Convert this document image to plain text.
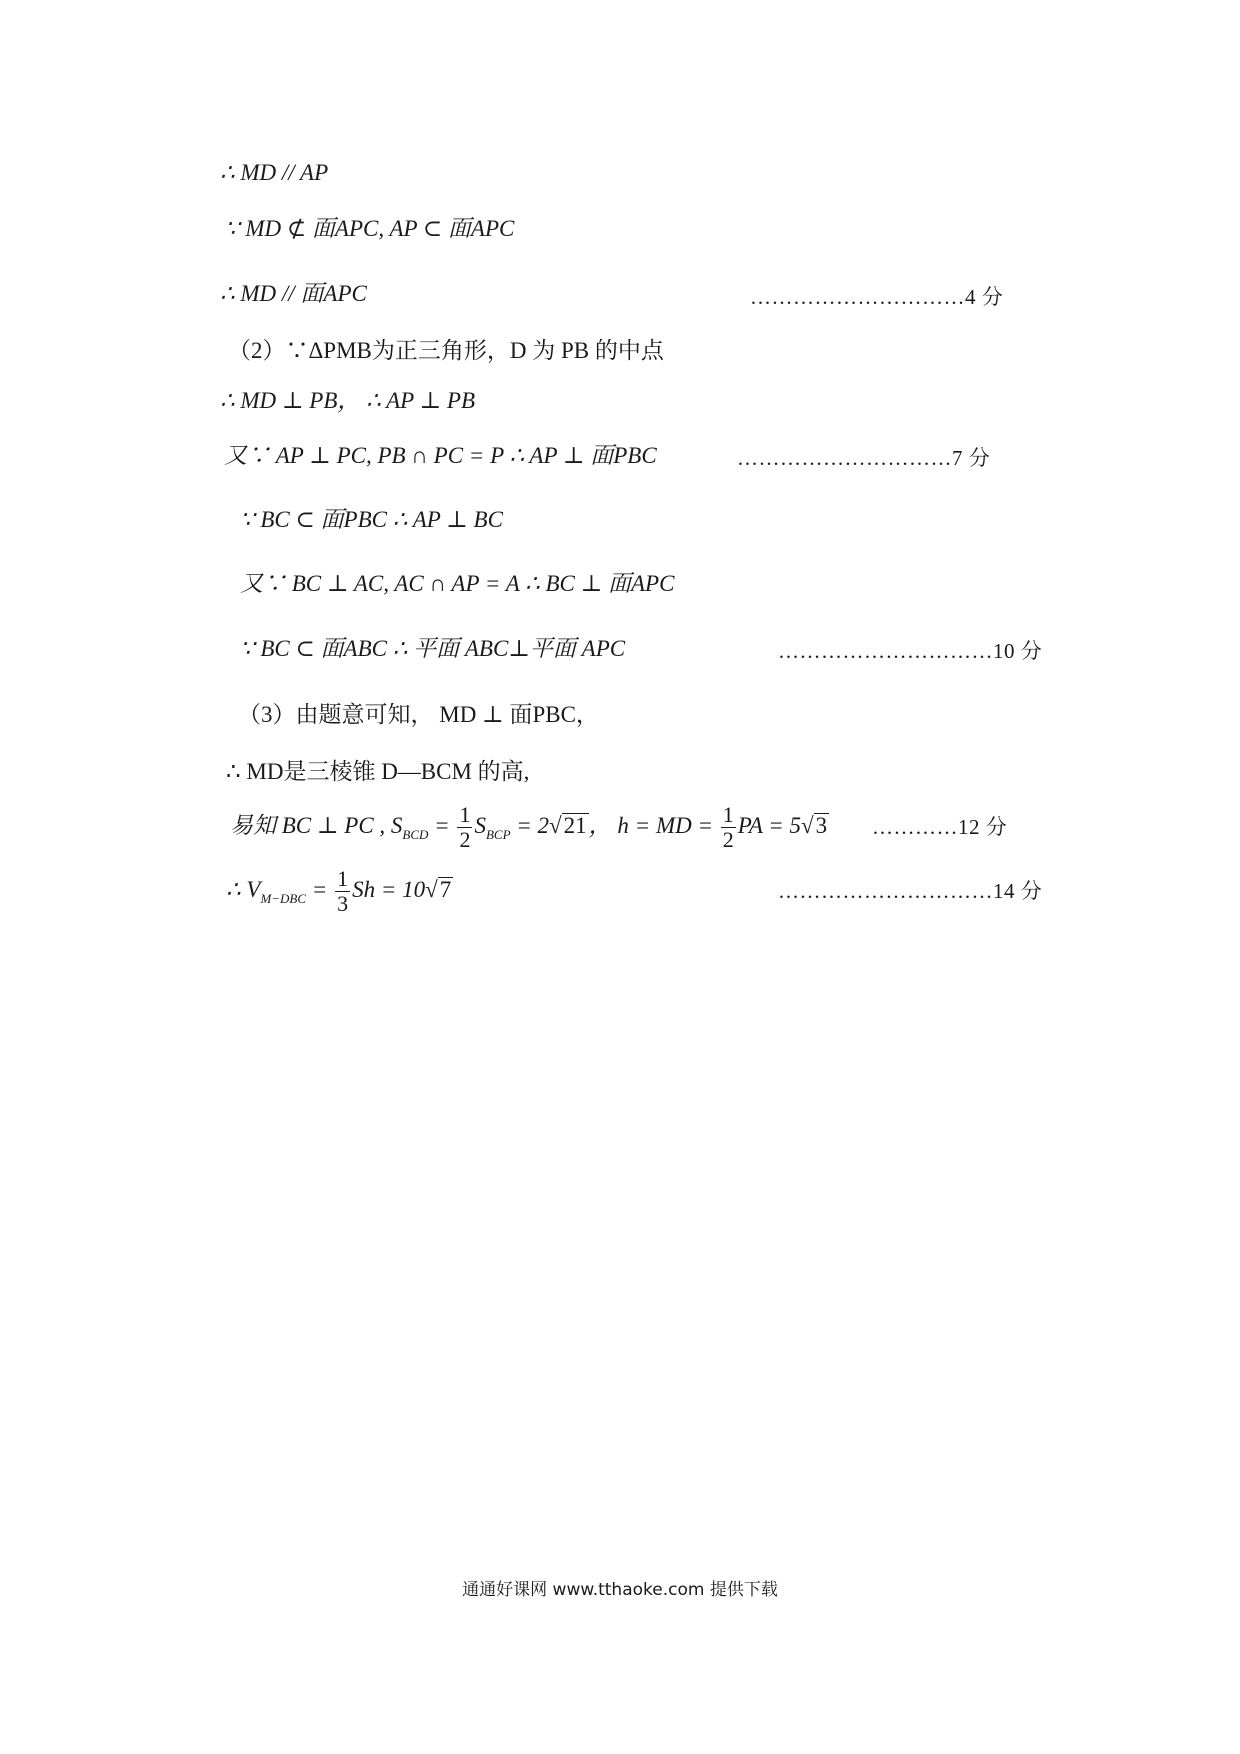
∴ MD // AP
∵ MD ⊄ 面APC, AP ⊂ 面APC
∴ MD // 面APC	…………………………4 分
（2）∵ΔPMB为正三角形，D 为 PB 的中点
∴ MD ⊥ PB， ∴ AP ⊥ PB
又∵ AP ⊥ PC, PB ∩ PC = P ∴ AP ⊥ 面PBC	…………………………7 分
∵ BC ⊂ 面PBC ∴ AP ⊥ BC
又∵ BC ⊥ AC, AC ∩ AP = A ∴ BC ⊥ 面APC
∵ BC ⊂ 面ABC ∴ 平面 ABC⊥平面 APC	…………………………10 分
（3）由题意可知， MD ⊥ 面PBC，
∴ MD是三棱锥 D—BCM 的高,
易知 BC ⊥ PC , $S_{BCD} = \frac{1}{2} S_{BCP} = 2√21$， h = MD = $\frac{1}{2}$ PA = 5√3 …………12 分
∴ $V_{M-DBC} = \frac{1}{3}$ Sh = 10√7	…………………………14 分
通通好课网 www.tthaoke.com 提供下载
